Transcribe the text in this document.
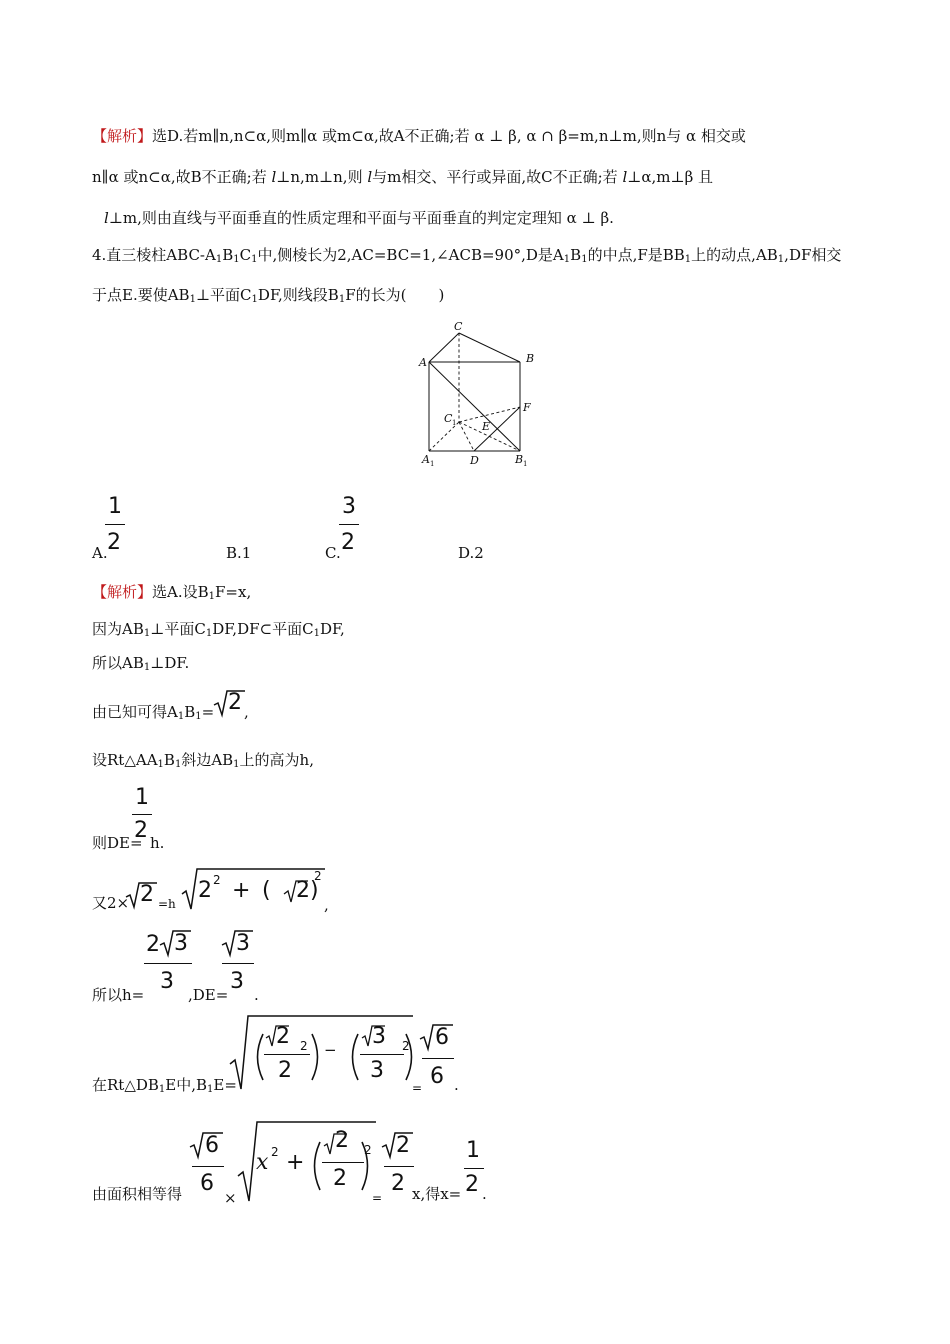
【解析】选D.若m∥n,n⊂α,则m∥α 或m⊂α,故A不正确;若 α ⊥ β, α ∩ β=m,n⊥m,则n与 α 相交或
n∥α 或n⊂α,故B不正确;若 l⊥n,m⊥n,则 l与m相交、平行或异面,故C不正确;若 l⊥α,m⊥β 且
l⊥m,则由直线与平面垂直的性质定理和平面与平面垂直的判定定理知 α ⊥ β.
4.直三棱柱ABC-$A_1B_1C_1$中,侧棱长为2,AC=BC=1,∠ACB=90°,D是$A_1B_1$的中点,F是$BB_1$上的动点$,AB_1,DF$相交
于点E.要使$AB_1\perp$平面$C_1DF$,则线段$B_1F$的长为( )
C
A	B
F
C 1 E
A 1	D	B 1
A.
1
2	B.1	C.
3
2	D.2
【解析】选A.设$B_1F=x$,
因为$AB_1\perp$平面$C_1DF,DF\subset$平面$C_1DF$,
所以$AB_1\perp DF$.
由已知可得$A_1B_1= 2$ ,
设$Rt\triangle AA_1B_1$斜边$AB_1$上的高为h,
1
2
则DE= h.
又2× 2 =h
2 2 + ( 2 )
2
,
所以h=
2 3
3
,DE=
3
3
.
在$Rt\triangle DB_1E$中$,B_1E=$
2
2
2 −
3
3
2
=
6
6 .
由面积相等得
6
6
×
x 2 +
2
2
2
=
2
2 x,得x=
1
2 .
